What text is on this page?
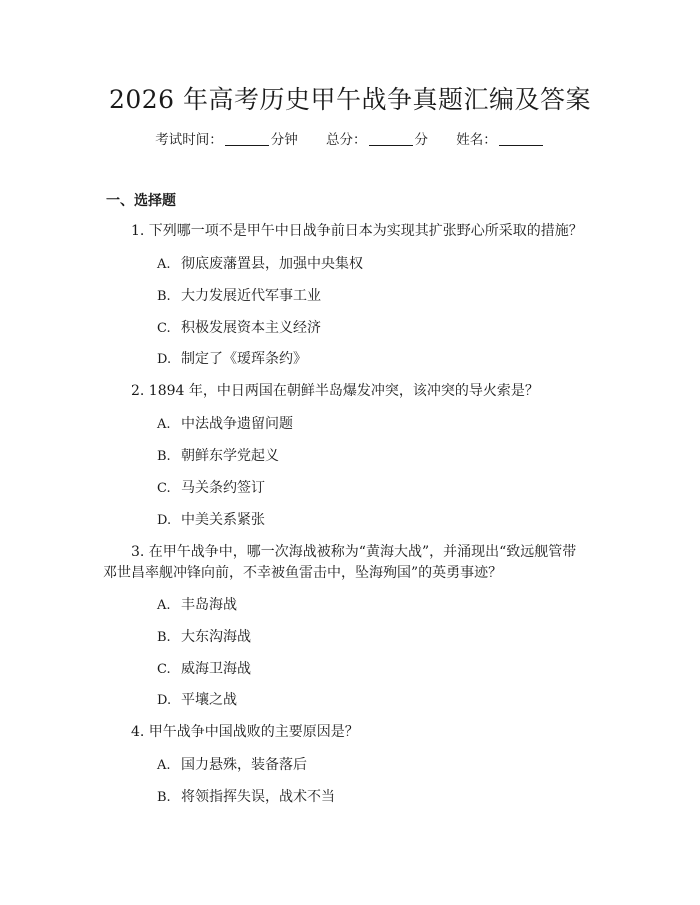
2026 年高考历史甲午战争真题汇编及答案
考试时间：	分钟 总分：	分 姓名：
一、选择题
1. 下列哪一项不是甲午中日战争前日本为实现其扩张野心所采取的措施？
A. 彻底废藩置县，加强中央集权
B. 大力发展近代军事工业
C. 积极发展资本主义经济
D. 制定了《瑷珲条约》
2. 1894 年，中日两国在朝鲜半岛爆发冲突，该冲突的导火索是？
A. 中法战争遗留问题
B. 朝鲜东学党起义
C. 马关条约签订
D. 中美关系紧张
3. 在甲午战争中，哪一次海战被称为“黄海大战”，并涌现出“致远舰管带
邓世昌率舰冲锋向前，不幸被鱼雷击中，坠海殉国”的英勇事迹？
A. 丰岛海战
B. 大东沟海战
C. 威海卫海战
D. 平壤之战
4. 甲午战争中国战败的主要原因是？
A. 国力悬殊，装备落后
B. 将领指挥失误，战术不当
